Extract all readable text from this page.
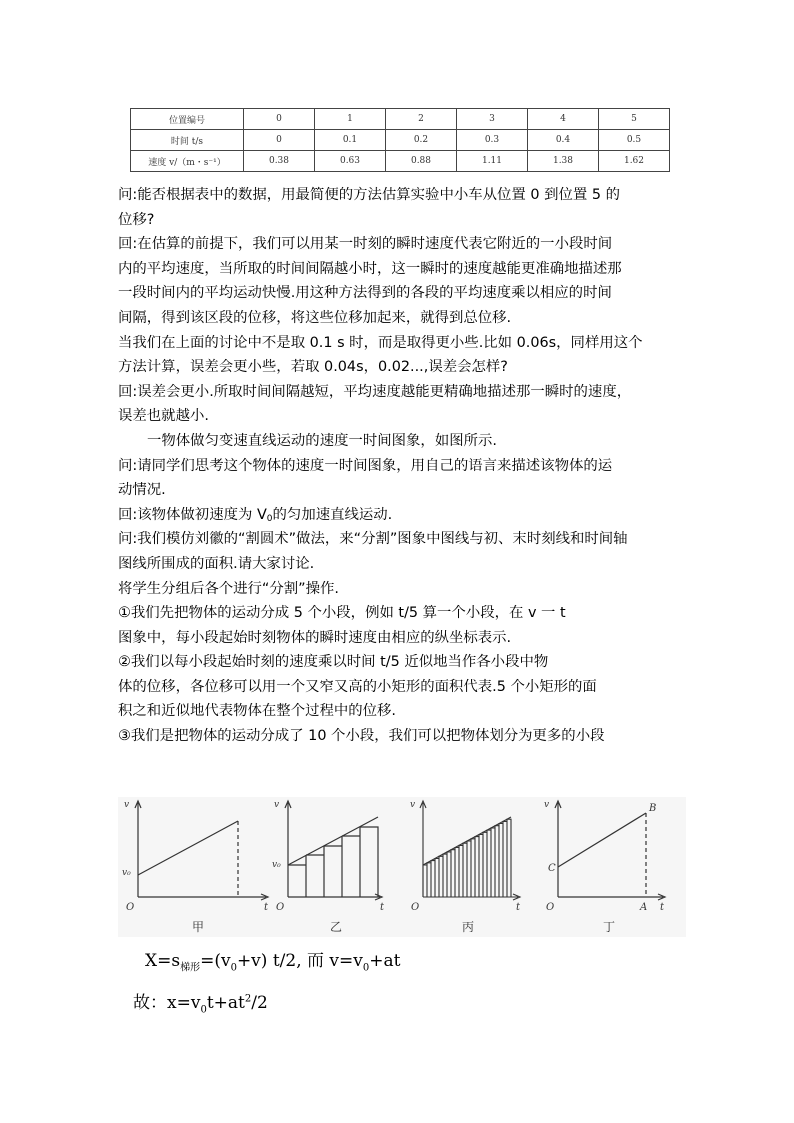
位置编号	0	1	2	3	4	5
时间 t/s	0	0.1	0.2	0.3	0.4	0.5
速度 v/（m・s⁻¹）	0.38	0.63	0.88	1.11	1.38	1.62
问:能否根据表中的数据，用最简便的方法估算实验中小车从位置 0 到位置 5 的
位移?
回:在估算的前提下，我们可以用某一时刻的瞬时速度代表它附近的一小段时间
内的平均速度，当所取的时间间隔越小时，这一瞬时的速度越能更准确地描述那
一段时间内的平均运动快慢.用这种方法得到的各段的平均速度乘以相应的时间
间隔，得到该区段的位移，将这些位移加起来，就得到总位移.
当我们在上面的讨论中不是取 0.1 s 时，而是取得更小些.比如 0.06s，同样用这个
方法计算，误差会更小些，若取 0.04s，0.02...,误差会怎样?
回:误差会更小.所取时间间隔越短，平均速度越能更精确地描述那一瞬时的速度，
误差也就越小.
一物体做匀变速直线运动的速度一时间图象，如图所示.
问:请同学们思考这个物体的速度一时间图象，用自己的语言来描述该物体的运
动情况.
回:该物体做初速度为 $V_0$的匀加速直线运动.
问:我们模仿刘徽的“割圆术”做法，来“分割”图象中图线与初、末时刻线和时间轴
图线所围成的面积.请大家讨论.
将学生分组后各个进行“分割”操作.
①我们先把物体的运动分成 5 个小段，例如 t/5 算一个小段，在 v 一 t
图象中，每小段起始时刻物体的瞬时速度由相应的纵坐标表示.
②我们以每小段起始时刻的速度乘以时间 t/5 近似地当作各小段中物
体的位移，各位移可以用一个又窄又高的小矩形的面积代表.5 个小矩形的面
积之和近似地代表物体在整个过程中的位移.
③我们是把物体的运动分成了 10 个小段，我们可以把物体划分为更多的小段
v
v₀
O	t
甲
v
v₀
O	t
乙
v
O	t
丙
v
C
B
A
O	t
丁
$X=s_{梯形}=(v_0+v)$ t/2, 而 $v=v_0+at$
故：$x=v_0t+at^2/2$
